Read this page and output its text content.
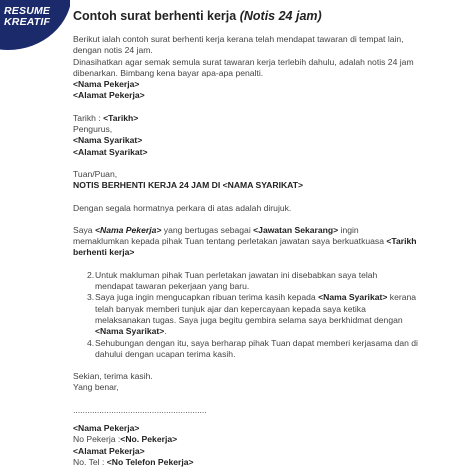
RESUME
KREATIF Contoh surat berhenti kerja (Notis 24 jam)

Berikut ialah contoh surat berhenti kerja kerana telah mendapat tawaran di tempat lain,

dengan notis 24 jam.

Dinasihatkan agar semak semula surat tawaran kerja terlebih dahulu, adalah notis 24 jam

dibenarkan. Bimbang kena bayar apa-apa penalti.

<Nama Pekerja>

<Alamat Pekerja>

Tarikh : <Tarikh>

Pengurus,

<Nama Syarikat>

<Alamat Syarikat>

Tuan/Puan,

NOTIS BERHENTI KERJA 24 JAM DI <NAMA SYARIKAT>

Dengan segala hormatnya perkara di atas adalah dirujuk.

Saya <Nama Pekerja> yang bertugas sebagai <Jawatan Sekarang> ingin

memaklumkan kepada pihak Tuan tentang perletakan jawatan saya berkuatkuasa <Tarikh

berhenti kerja>

2. Untuk makluman pihak Tuan perletakan jawatan ini disebabkan saya telah

mendapat tawaran pekerjaan yang baru.

3. Saya juga ingin mengucapkan ribuan terima kasih kepada <Nama Syarikat> kerana

telah banyak memberi tunjuk ajar dan kepercayaan kepada saya ketika

melaksanakan tugas. Saya juga begitu gembira selama saya berkhidmat dengan

<Nama Syarikat>.

4. Sehubungan dengan itu, saya berharap pihak Tuan dapat memberi kerjasama dan di

dahului dengan ucapan terima kasih.

Sekian, terima kasih.

Yang benar,

........................................................

<Nama Pekerja>

No Pekerja :<No. Pekerja>

<Alamat Pekerja>

No. Tel : <No Telefon Pekerja>
